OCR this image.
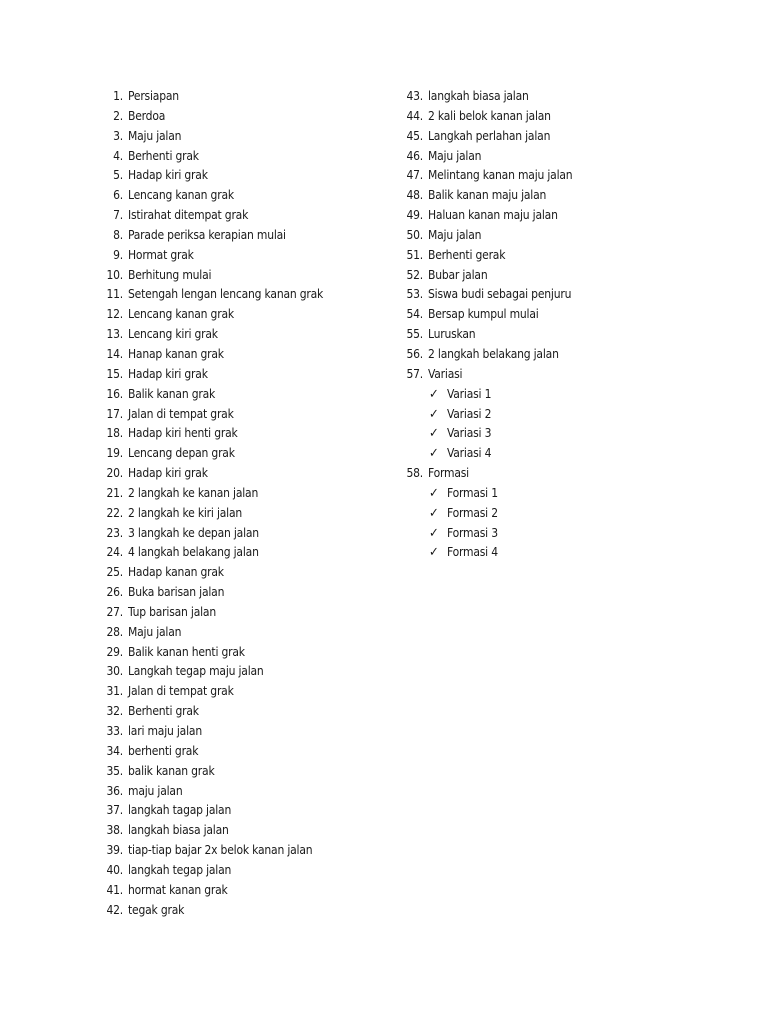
1. Persiapan
2. Berdoa
3. Maju jalan
4. Berhenti grak
5. Hadap kiri grak
6. Lencang kanan grak
7. Istirahat ditempat grak
8. Parade periksa kerapian mulai
9. Hormat grak
10. Berhitung mulai
11. Setengah lengan lencang kanan grak
12. Lencang kanan grak
13. Lencang kiri grak
14. Hanap kanan grak
15. Hadap kiri grak
16. Balik kanan grak
17. Jalan di tempat grak
18. Hadap kiri henti grak
19. Lencang depan grak
20. Hadap kiri grak
21. 2 langkah ke kanan jalan
22. 2 langkah ke kiri jalan
23. 3 langkah ke depan jalan
24. 4 langkah belakang jalan
25. Hadap kanan grak
26. Buka barisan jalan
27. Tup barisan jalan
28. Maju jalan
29. Balik kanan henti grak
30. Langkah tegap maju jalan
31. Jalan di tempat grak
32. Berhenti grak
33. lari maju jalan
34. berhenti grak
35. balik kanan grak
36. maju jalan
37. langkah tagap jalan
38. langkah biasa jalan
39. tiap-tiap bajar 2x belok kanan jalan
40. langkah tegap jalan
41. hormat kanan grak
42. tegak grak
43. langkah biasa jalan
44. 2 kali belok kanan jalan
45. Langkah perlahan jalan
46. Maju jalan
47. Melintang kanan maju jalan
48. Balik kanan maju jalan
49. Haluan kanan maju jalan
50. Maju jalan
51. Berhenti gerak
52. Bubar jalan
53. Siswa budi sebagai penjuru
54. Bersap kumpul mulai
55. Luruskan
56. 2 langkah belakang jalan
57. Variasi
✓ Variasi 1
✓ Variasi 2
✓ Variasi 3
✓ Variasi 4
58. Formasi
✓ Formasi 1
✓ Formasi 2
✓ Formasi 3
✓ Formasi 4
